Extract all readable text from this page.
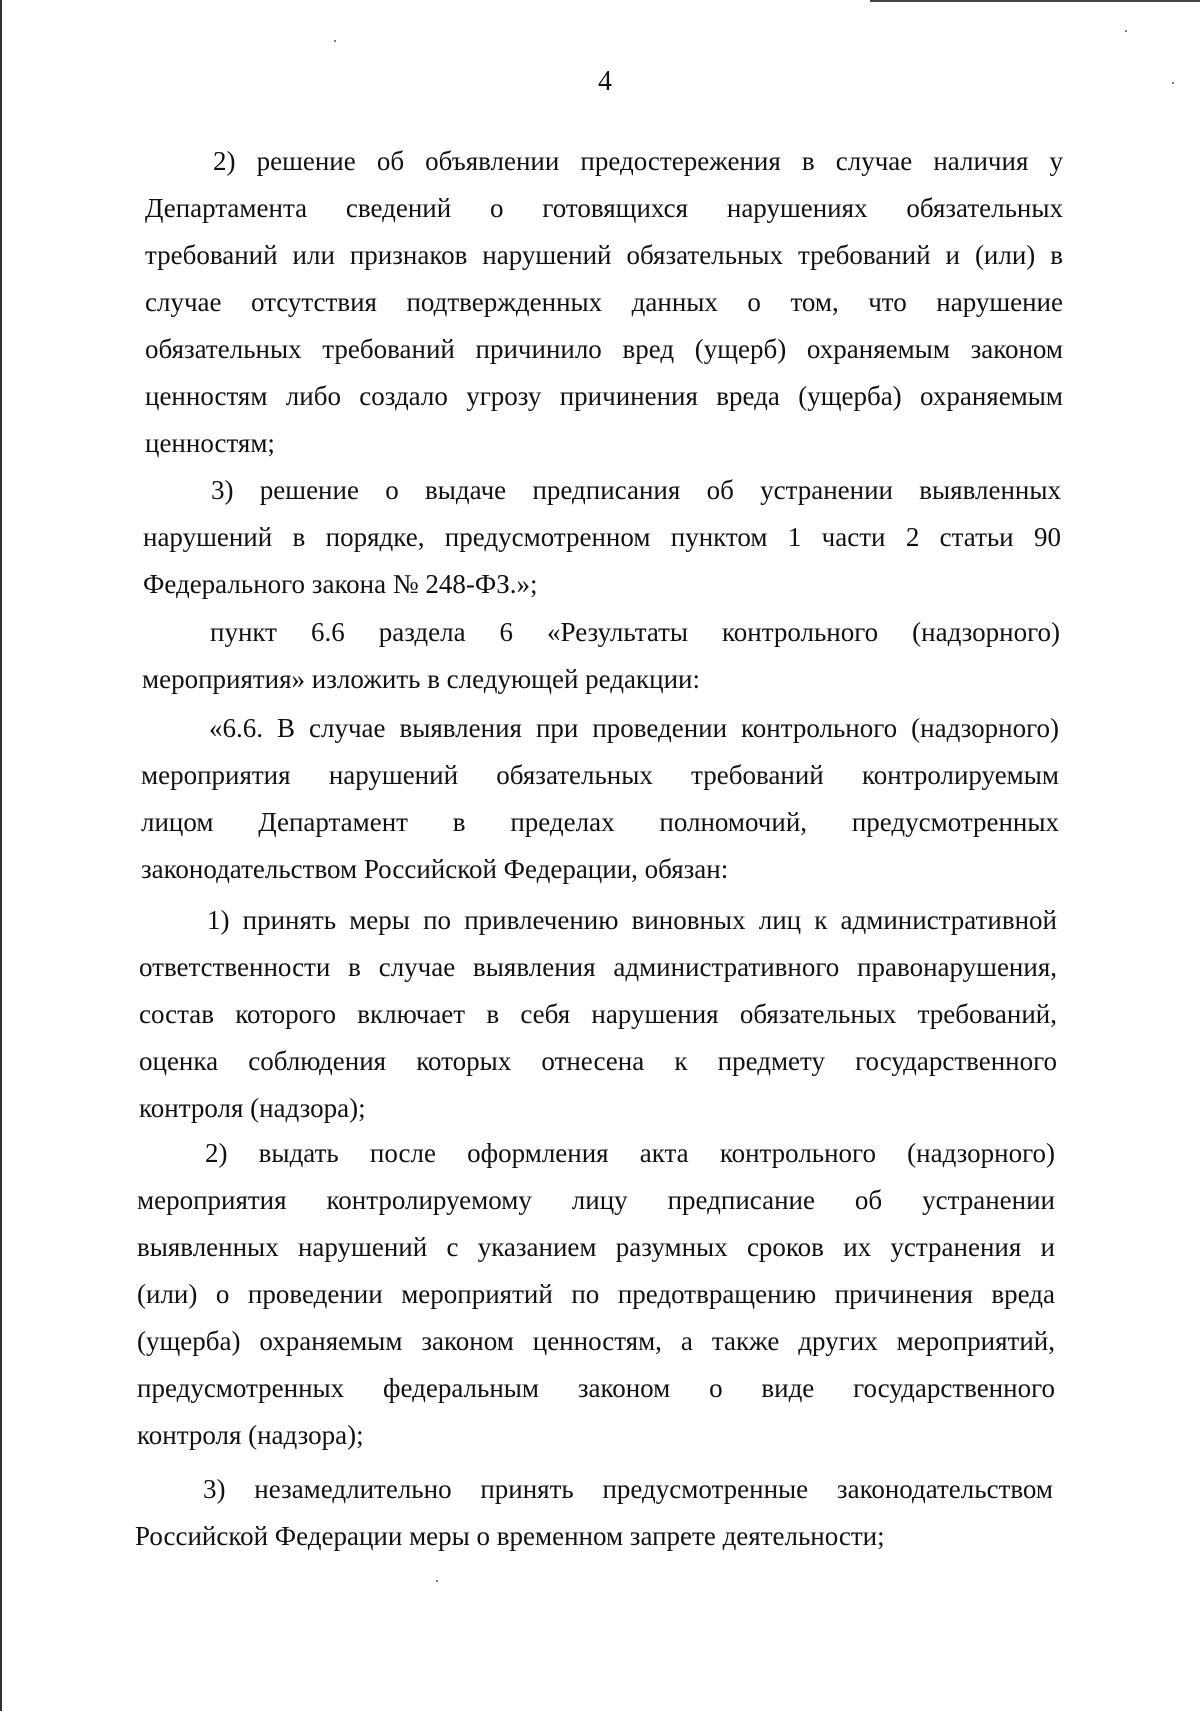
4
2) решение об объявлении предостережения в случае наличия у
Департамента сведений о готовящихся нарушениях обязательных
требований или признаков нарушений обязательных требований и (или) в
случае отсутствия подтвержденных данных о том, что нарушение
обязательных требований причинило вред (ущерб) охраняемым законом
ценностям либо создало угрозу причинения вреда (ущерба) охраняемым
ценностям;
3) решение о выдаче предписания об устранении выявленных
нарушений в порядке, предусмотренном пунктом 1 части 2 статьи 90
Федерального закона № 248-ФЗ.»;
пункт 6.6 раздела 6 «Результаты контрольного (надзорного)
мероприятия» изложить в следующей редакции:
«6.6. В случае выявления при проведении контрольного (надзорного)
мероприятия нарушений обязательных требований контролируемым
лицом Департамент в пределах полномочий, предусмотренных
законодательством Российской Федерации, обязан:
1) принять меры по привлечению виновных лиц к административной
ответственности в случае выявления административного правонарушения,
состав которого включает в себя нарушения обязательных требований,
оценка соблюдения которых отнесена к предмету государственного
контроля (надзора);
2) выдать после оформления акта контрольного (надзорного)
мероприятия контролируемому лицу предписание об устранении
выявленных нарушений с указанием разумных сроков их устранения и
(или) о проведении мероприятий по предотвращению причинения вреда
(ущерба) охраняемым законом ценностям, а также других мероприятий,
предусмотренных федеральным законом о виде государственного
контроля (надзора);
3) незамедлительно принять предусмотренные законодательством
Российской Федерации меры о временном запрете деятельности;
